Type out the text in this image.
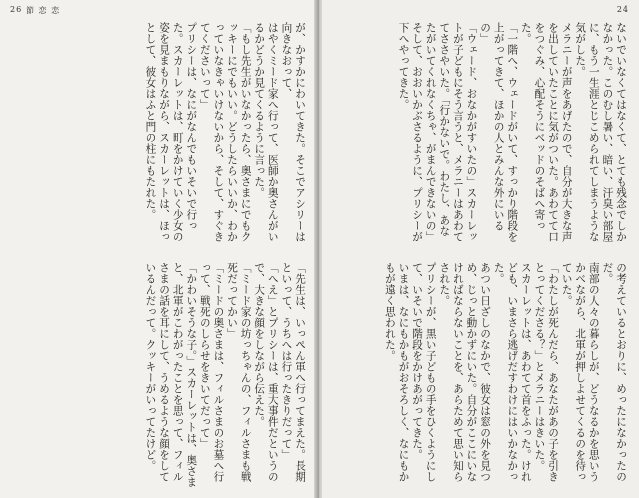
26 節 恋 恋

が、かすかにわいてきた。そこでアシリーは向きなおって、

はやくミード家へ行って、医師か奥さんがいるかどうか見てくるように言った。

「もし先生がいなかったら、奥さまにでもクッキーにでもいい。どうしたらいいか、わかっていなきゃいけないから、そして、すぐきてくださいって」

プリシーは、なにがなんでもいそいで行った。スカーレットは、町をかけていく少女の姿を見まもりながら、スカーレットは、ほっとして、彼女はふと門の柱にもたれた。

「先生は、いっぺん軍へ行ってまえた。長期といって、うちへは行ったきりだって」

「へえ」とプリシーは、重大事件だというので、大きな顔をしながら伝えた。

「ミード家の坊っちゃんの、フィルさまも戦死だってかい」

「ミードの奥さまは、フィルさまのお墓へ行って、戦死のしらせをきいてだって」

「かわいそうな子。」スカーレットは、奥さまと、北軍がこわがったことを思って、フィルさまの話を耳にして、うめるような顔をしているんだって。クッキーがいってたけど。

24

ないでいなくてはなくて、とても残念でしかなかった。このむし暑い、暗い、汗臭い部屋に、もう一生涯とじこめられてしまうような気がした。

メラニーが声をあげたので、自分が大きな声を出していたことに気がついた。あわてて口をつぐみ、心配そうにベッドのそばへ寄った。

「一階へ、ウェードがいて、すっかり階段を上がってきて、ほかの人とみんな外にいるの」

「ウェード、おなかがすいたの」スカーレットが子どもにそう言うと、メラニーはあわててささやいた。「行かないで。わたし、あなたがいてくれなくちゃ、がまんできないの」

そして、おおいかぶさるように、プリシーが下へやってきた。

の考えているとおりに、めったになかったのだ。

南部の人々の暮らしが、どうなるかを思いうかべながら、北軍が押しよせてくるのを待っていた。

「わたしが死んだら、あなたがあの子を引きとってくださる？」とメラニーはきいた。

スカーレットは、あわてて首をふった。けれども、いまさら逃げだすわけにはいかなかった。

あつい日ざしのなかで、彼女は窓の外を見つめ、じっと動かずにいた。自分がここにいなければならないことを、あらためて思い知らされた。

プリシーが、黒い子どもの手をひくようにして、いそいで階段をかけあがってきた。

いまは、なにもかもがおそろしく、なにもかもが遠く思われた。
